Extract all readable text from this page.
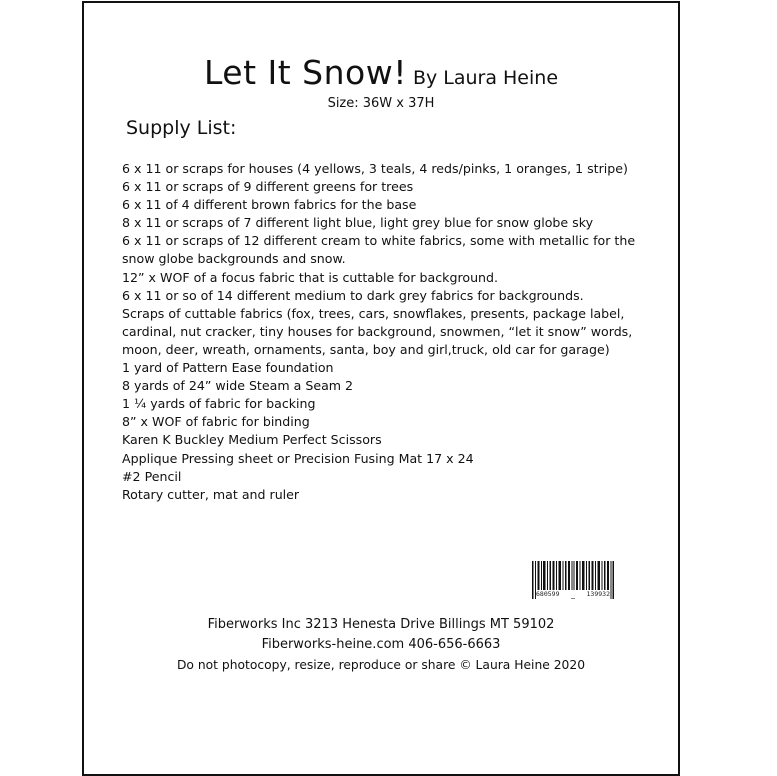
Let It Snow! By Laura Heine
Size: 36W x 37H
Supply List:
6 x 11 or scraps for houses (4 yellows, 3 teals, 4 reds/pinks, 1 oranges, 1 stripe)
6 x 11 or scraps of 9 different greens for trees
6 x 11 of 4 different brown fabrics for the base
8 x 11 or scraps of 7 different light blue, light grey blue for snow globe sky
6 x 11 or scraps of 12 different cream to white fabrics, some with metallic for the snow globe backgrounds and snow.
12” x WOF of a focus fabric that is cuttable for background.
6 x 11 or so of 14 different medium to dark grey fabrics for backgrounds.
Scraps of cuttable fabrics (fox, trees, cars, snowflakes, presents, package label, cardinal, nut cracker, tiny houses for background, snowmen, “let it snow” words, moon, deer, wreath, ornaments, santa, boy and girl,truck, old car for garage)
1 yard of Pattern Ease foundation
8 yards of 24” wide Steam a Seam 2
1 ¼ yards of fabric for backing
8” x WOF of fabric for binding
Karen K Buckley Medium Perfect Scissors
Applique Pressing sheet or Precision Fusing Mat 17 x 24
#2 Pencil
Rotary cutter, mat and ruler
680599	139932
Fiberworks Inc 3213 Henesta Drive Billings MT 59102
Fiberworks-heine.com 406-656-6663
Do not photocopy, resize, reproduce or share © Laura Heine 2020
